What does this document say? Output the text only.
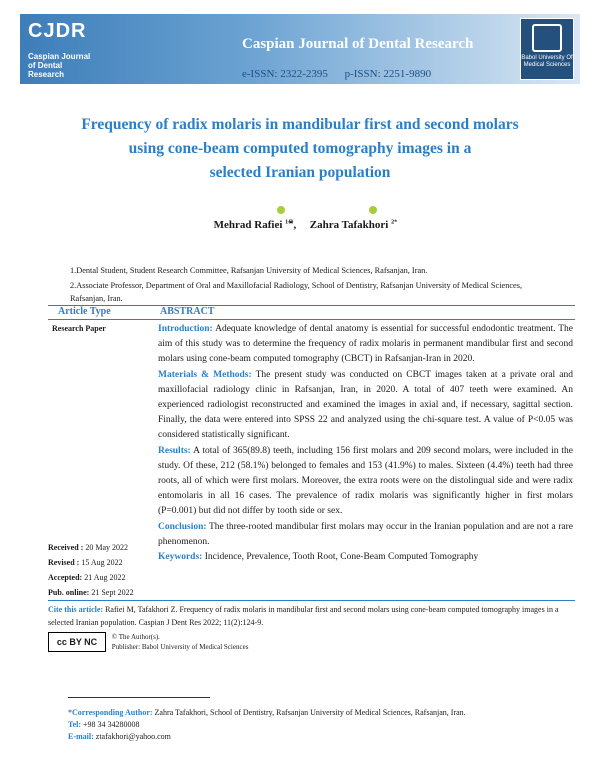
CJDR
Caspian Journal of Dental Research
Caspian Journal of Dental Research
e-ISSN: 2322-2395 p-ISSN: 2251-9890
Babol University Of Medical Sciences
Frequency of radix molaris in mandibular first and second molars
using cone-beam computed tomography images in a
selected Iranian population
Mehrad Rafiei $^{1☠}$,  Zahra Tafakhori $^{2*}$

1.Dental Student, Student Research Committee, Rafsanjan University of Medical Sciences, Rafsanjan, Iran.

2.Associate Professor, Department of Oral and Maxillofacial Radiology, School of Dentistry, Rafsanjan University of Medical Sciences, Rafsanjan, Iran.

Article Type	ABSTRACT
Research Paper	Introduction: Adequate knowledge of dental anatomy is essential for successful endodontic treatment. The aim of this study was to determine the frequency of radix molaris in permanent mandibular first and second molars using cone-beam computed tomography (CBCT) in Rafsanjan-Iran in 2020.

Materials & Methods: The present study was conducted on CBCT images taken at a private oral and maxillofacial radiology clinic in Rafsanjan, Iran, in 2020. A total of 407 teeth were examined. An experienced radiologist reconstructed and examined the images in axial and, if necessary, sagittal section. Finally, the data were entered into SPSS 22 and analyzed using the chi-square test. A value of P<0.05 was considered statistically significant.

Results: A total of 365(89.8) teeth, including 156 first molars and 209 second molars, were included in the study. Of these, 212 (58.1%) belonged to females and 153 (41.9%) to males. Sixteen (4.4%) teeth had three roots, all of which were first molars. Moreover, the extra roots were on the distolingual side and were radix entomolaris in all 16 cases. The prevalence of radix molaris was significantly higher in first molars (P=0.001) but did not differ by tooth side or sex.

Conclusion: The three-rooted mandibular first molars may occur in the Iranian population and are not a rare phenomenon.

Keywords: Incidence, Prevalence, Tooth Root, Cone-Beam Computed Tomography

Received : 20 May 2022
Revised : 15 Aug 2022
Accepted: 21 Aug 2022
Pub. online: 21 Sept 2022
Cite this article: Rafiei M, Tafakhori Z. Frequency of radix molaris in mandibular first and second molars using cone-beam computed tomography images in a selected Iranian population. Caspian J Dent Res 2022; 11(2):124-9.
cc BY NC © The Author(s).
Publisher: Babol University of Medical Sciences

*Corresponding Author: Zahra Tafakhori, School of Dentistry, Rafsanjan University of Medical Sciences, Rafsanjan, Iran.

Tel: +98 34 34280008

E-mail: ztafakhori@yahoo.com
